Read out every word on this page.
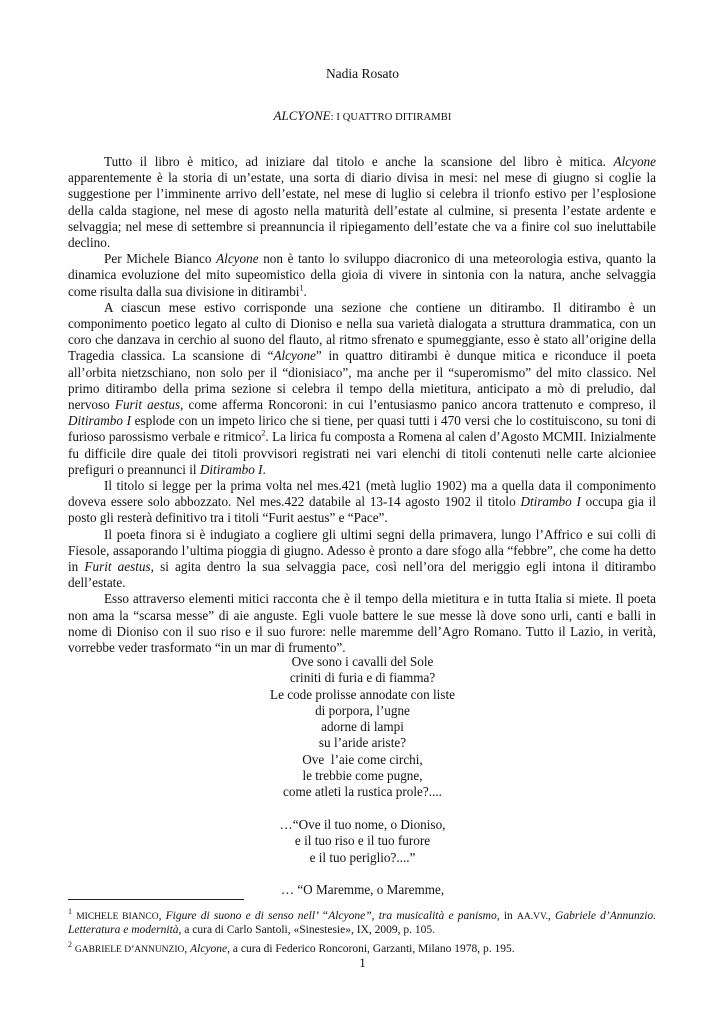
Nadia Rosato
ALCYONE: I QUATTRO DITIRAMBI

Tutto il libro è mitico, ad iniziare dal titolo e anche la scansione del libro è mitica. Alcyone apparentemente è la storia di un’estate, una sorta di diario divisa in mesi: nel mese di giugno si coglie la suggestione per l’imminente arrivo dell’estate, nel mese di luglio si celebra il trionfo estivo per l’esplosione della calda stagione, nel mese di agosto nella maturità dell’estate al culmine, si presenta l’estate ardente e selvaggia; nel mese di settembre si preannuncia il ripiegamento dell’estate che va a finire col suo ineluttabile declino.

Per Michele Bianco Alcyone non è tanto lo sviluppo diacronico di una meteorologia estiva, quanto la dinamica evoluzione del mito supeomistico della gioia di vivere in sintonia con la natura, anche selvaggia come risulta dalla sua divisione in ditirambi$^1$.

A ciascun mese estivo corrisponde una sezione che contiene un ditirambo. Il ditirambo è un componimento poetico legato al culto di Dioniso e nella sua varietà dialogata a struttura drammatica, con un coro che danzava in cerchio al suono del flauto, al ritmo sfrenato e spumeggiante, esso è stato all’origine della Tragedia classica. La scansione di “Alcyone” in quattro ditirambi è dunque mitica e riconduce il poeta all’orbita nietzschiano, non solo per il “dionisiaco”, ma anche per il “superomismo” del mito classico. Nel primo ditirambo della prima sezione si celebra il tempo della mietitura, anticipato a mò di preludio, dal nervoso Furit aestus, come afferma Roncoroni: in cui l’entusiasmo panico ancora trattenuto e compreso, il Ditirambo I esplode con un impeto lirico che si tiene, per quasi tutti i 470 versi che lo costituiscono, su toni di furioso parossismo verbale e ritmico$^2$. La lirica fu composta a Romena al calen d’Agosto MCMII. Inizialmente fu difficile dire quale dei titoli provvisori registrati nei vari elenchi di titoli contenuti nelle carte alcioniee prefiguri o preannunci il Ditirambo I.

Il titolo si legge per la prima volta nel mes.421 (metà luglio 1902) ma a quella data il componimento doveva essere solo abbozzato. Nel mes.422 databile al 13-14 agosto 1902 il titolo Dtirambo I occupa gia il posto gli resterà definitivo tra i titoli “Furit aestus” e “Pace”.

Il poeta finora si è indugiato a cogliere gli ultimi segni della primavera, lungo l’Affrico e sui colli di Fiesole, assaporando l’ultima pioggia di giugno. Adesso è pronto a dare sfogo alla “febbre”, che come ha detto in Furit aestus, si agita dentro la sua selvaggia pace, così nell’ora del meriggio egli intona il ditirambo dell’estate.

Esso attraverso elementi mitici racconta che è il tempo della mietitura e in tutta Italia si miete. Il poeta non ama la “scarsa messe” di aie anguste. Egli vuole battere le sue messe là dove sono urli, canti e balli in nome di Dioniso con il suo riso e il suo furore: nelle maremme dell’Agro Romano. Tutto il Lazio, in verità, vorrebbe veder trasformato “in un mar di frumento”.

Ove sono i cavalli del Sole
criniti di furia e di fiamma?
Le code prolisse annodate con liste
di porpora, l’ugne
adorne di lampi
su l’aride ariste?
Ove  l’aie come circhi,
le trebbie come pugne,
come atleti la rustica prole?....
…“Ove il tuo nome, o Dioniso,
e il tuo riso e il tuo furore
e il tuo periglio?....”
… “O Maremme, o Maremme,

$^1$ MICHELE BIANCO, Figure di suono e di senso nell’ “Alcyone”, tra musicalità e panismo, in AA.VV., Gabriele d’Annunzio. Letteratura e modernità, a cura di Carlo Santoli, «Sinestesie», IX, 2009, p. 105.

$^2$ GABRIELE D’ANNUNZIO, Alcyone, a cura di Federico Roncoroni, Garzanti, Milano 1978, p. 195.

1
